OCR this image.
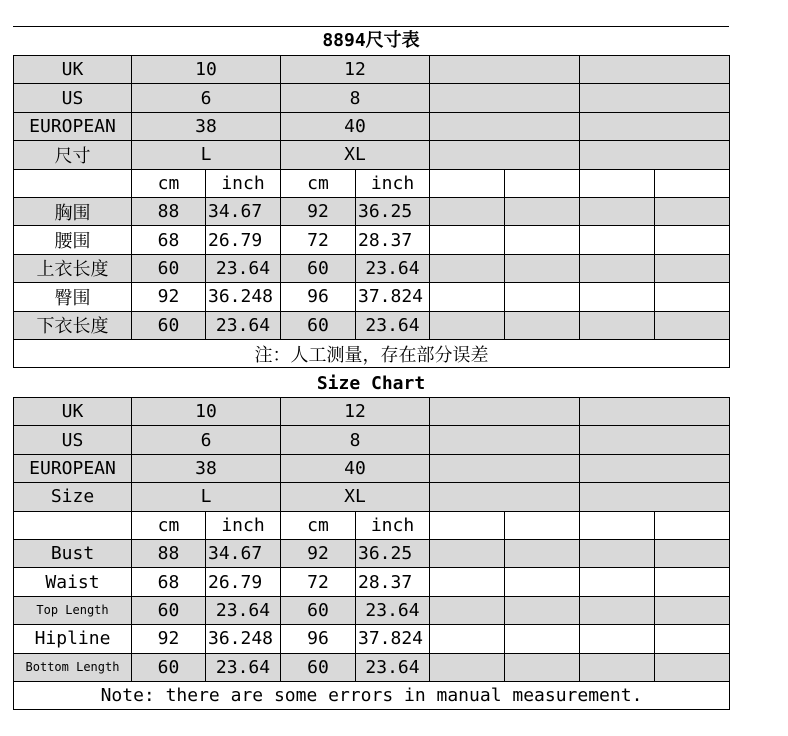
8894尺寸表
UK	10		12					
US	6		8					
EUROPEAN	38		40					
尺寸	L		XL					
	cm	inch	cm	inch				
胸围	88	34.67	92	36.25				
腰围	68	26.79	72	28.37				
上衣长度	60	23.64	60	23.64				
臀围	92	36.248	96	37.824				
下衣长度	60	23.64	60	23.64				
注：人工测量，存在部分误差								
Size Chart
UK	10		12					
US	6		8					
EUROPEAN	38		40					
Size	L		XL					
	cm	inch	cm	inch				
Bust	88	34.67	92	36.25				
Waist	68	26.79	72	28.37				
Top Length	60	23.64	60	23.64				
Hipline	92	36.248	96	37.824				
Bottom Length	60	23.64	60	23.64				
Note: there are some errors in manual measurement.								
